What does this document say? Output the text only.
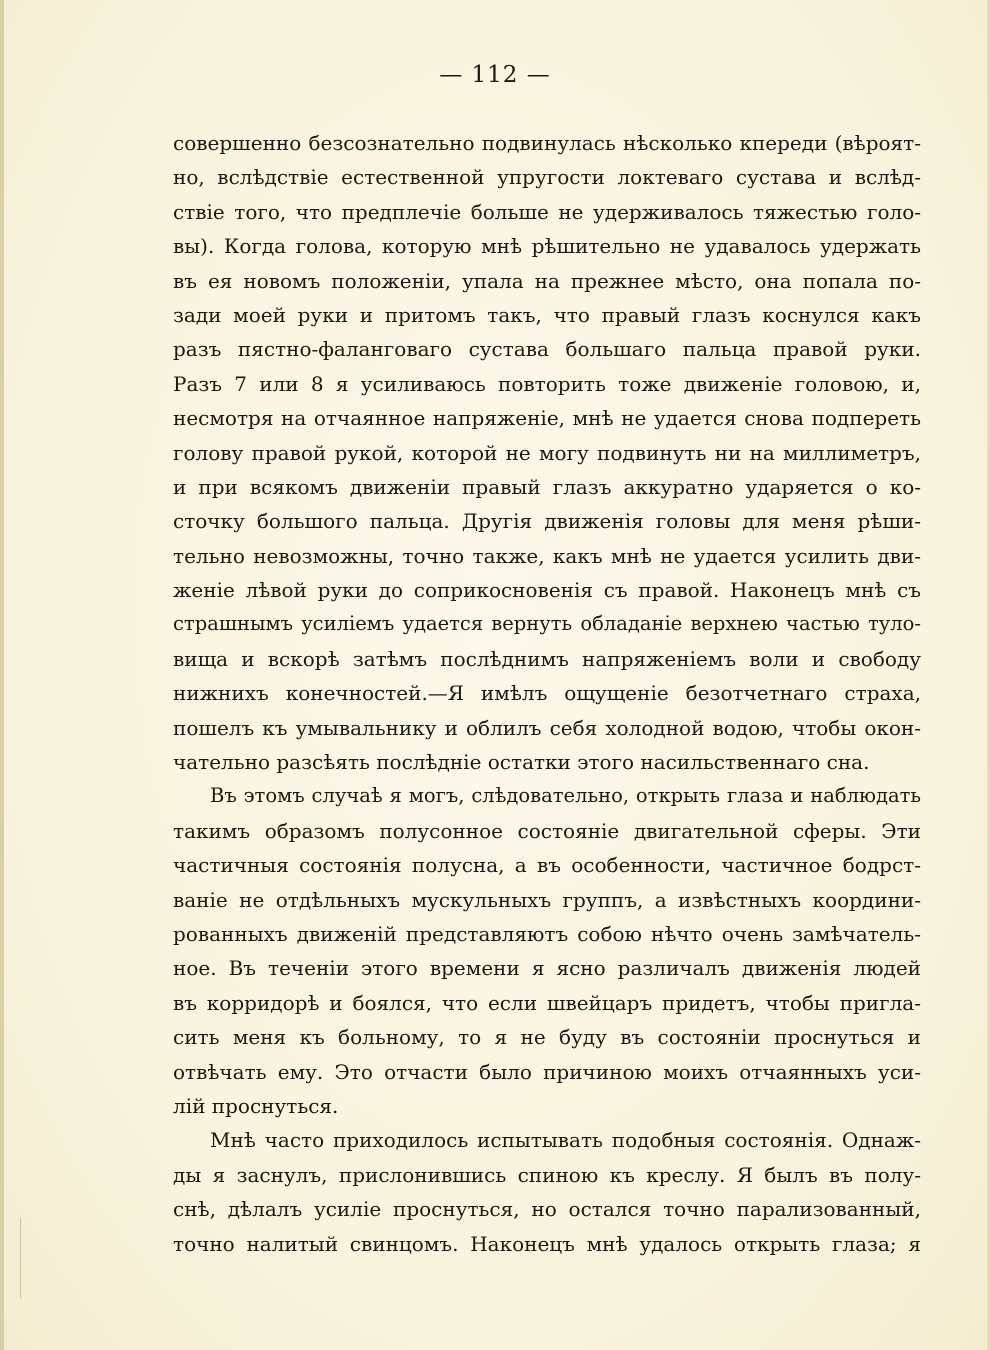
— 112 —
совершенно безсознательно подвинулась нѣсколько кпереди (вѣроят-
но, вслѣдствіе естественной упругости локтеваго сустава и вслѣд-
ствіе того, что предплечіе больше не удерживалось тяжестью голо-
вы). Когда голова, которую мнѣ рѣшительно не удавалось удержать
въ ея новомъ положеніи, упала на прежнее мѣсто, она попала по-
зади моей руки и притомъ такъ, что правый глазъ коснулся какъ
разъ пястно-фаланговаго сустава большаго пальца правой руки.
Разъ 7 или 8 я усиливаюсь повторить тоже движеніе головою, и,
несмотря на отчаянное напряженіе, мнѣ не удается снова подпереть
голову правой рукой, которой не могу подвинуть ни на миллиметръ,
и при всякомъ движеніи правый глазъ аккуратно ударяется о ко-
сточку большого пальца. Другія движенія головы для меня рѣши-
тельно невозможны, точно также, какъ мнѣ не удается усилить дви-
женіе лѣвой руки до соприкосновенія съ правой. Наконецъ мнѣ съ
страшнымъ усиліемъ удается вернуть обладаніе верхнею частью туло-
вища и вскорѣ затѣмъ послѣднимъ напряженіемъ воли и свободу
нижнихъ конечностей.—Я имѣлъ ощущеніе безотчетнаго страха,
пошелъ къ умывальнику и облилъ себя холодной водою, чтобы окон-
чательно разсѣять послѣдніе остатки этого насильственнаго сна.
Въ этомъ случаѣ я могъ, слѣдовательно, открыть глаза и наблюдать
такимъ образомъ полусонное состояніе двигательной сферы. Эти
частичныя состоянія полусна, а въ особенности, частичное бодрст-
ваніе не отдѣльныхъ мускульныхъ группъ, а извѣстныхъ координи-
рованныхъ движеній представляютъ собою нѣчто очень замѣчатель-
ное. Въ теченіи этого времени я ясно различалъ движенія людей
въ корридорѣ и боялся, что если швейцаръ придетъ, чтобы пригла-
сить меня къ больному, то я не буду въ состояніи проснуться и
отвѣчать ему. Это отчасти было причиною моихъ отчаянныхъ уси-
лій проснуться.
Мнѣ часто приходилось испытывать подобныя состоянія. Однаж-
ды я заснулъ, прислонившись спиною къ креслу. Я былъ въ полу-
снѣ, дѣлалъ усиліе проснуться, но остался точно парализованный,
точно налитый свинцомъ. Наконецъ мнѣ удалось открыть глаза; я
